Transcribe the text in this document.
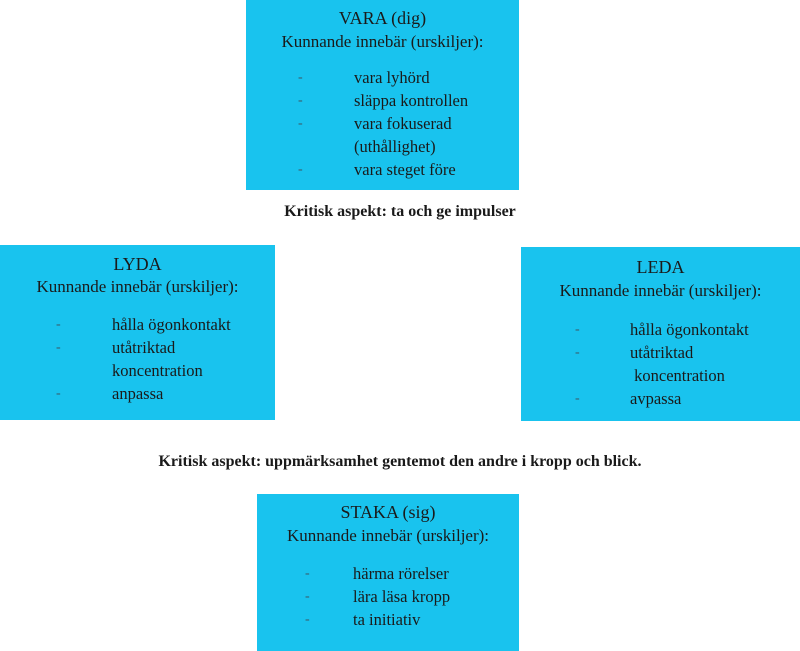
VARA (dig)
Kunnande innebär (urskiljer):
-	vara lyhörd
-	släppa kontrollen
-	vara fokuserad
(uthållighet)
-	vara steget före
Kritisk aspekt: ta och ge impulser
LYDA
Kunnande innebär (urskiljer):
-	hålla ögonkontakt
-	utåtriktad
koncentration
-	anpassa
LEDA
Kunnande innebär (urskiljer):
-	hålla ögonkontakt
-	utåtriktad
koncentration
-	avpassa
Kritisk aspekt: uppmärksamhet gentemot den andre i kropp och blick.
STAKA (sig)
Kunnande innebär (urskiljer):
-	härma rörelser
-	lära läsa kropp
-	ta initiativ
